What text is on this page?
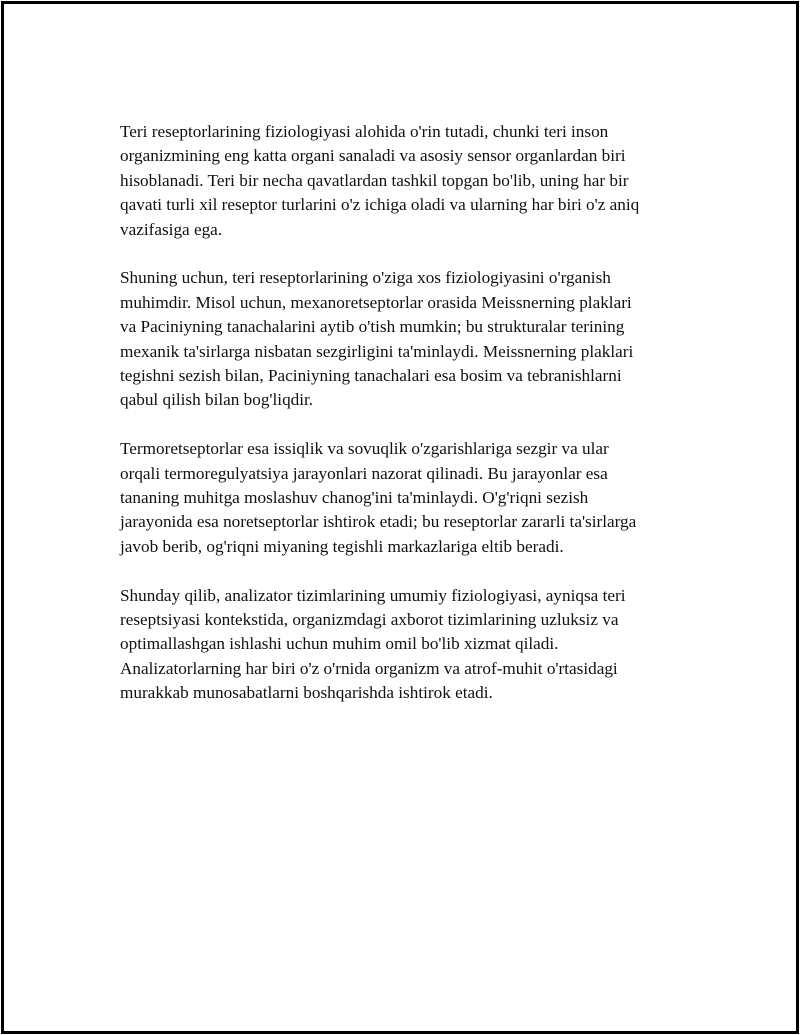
Teri reseptorlarining fiziologiyasi alohida o'rin tutadi, chunki teri inson
organizmining eng katta organi sanaladi va asosiy sensor organlardan biri
hisoblanadi. Teri bir necha qavatlardan tashkil topgan bo'lib, uning har bir
qavati turli xil reseptor turlarini o'z ichiga oladi va ularning har biri o'z aniq
vazifasiga ega.

Shuning uchun, teri reseptorlarining o'ziga xos fiziologiyasini o'rganish
muhimdir. Misol uchun, mexanoretseptorlar orasida Meissnerning plaklari
va Paciniyning tanachalarini aytib o'tish mumkin; bu strukturalar terining
mexanik ta'sirlarga nisbatan sezgirligini ta'minlaydi. Meissnerning plaklari
tegishni sezish bilan, Paciniyning tanachalari esa bosim va tebranishlarni
qabul qilish bilan bog'liqdir.

Termoretseptorlar esa issiqlik va sovuqlik o'zgarishlariga sezgir va ular
orqali termoregulyatsiya jarayonlari nazorat qilinadi. Bu jarayonlar esa
tananing muhitga moslashuv chanog'ini ta'minlaydi. O'g'riqni sezish
jarayonida esa noretseptorlar ishtirok etadi; bu reseptorlar zararli ta'sirlarga
javob berib, og'riqni miyaning tegishli markazlariga eltib beradi.

Shunday qilib, analizator tizimlarining umumiy fiziologiyasi, ayniqsa teri
reseptsiyasi kontekstida, organizmdagi axborot tizimlarining uzluksiz va
optimallashgan ishlashi uchun muhim omil bo'lib xizmat qiladi.
Analizatorlarning har biri o'z o'rnida organizm va atrof-muhit o'rtasidagi
murakkab munosabatlarni boshqarishda ishtirok etadi.
